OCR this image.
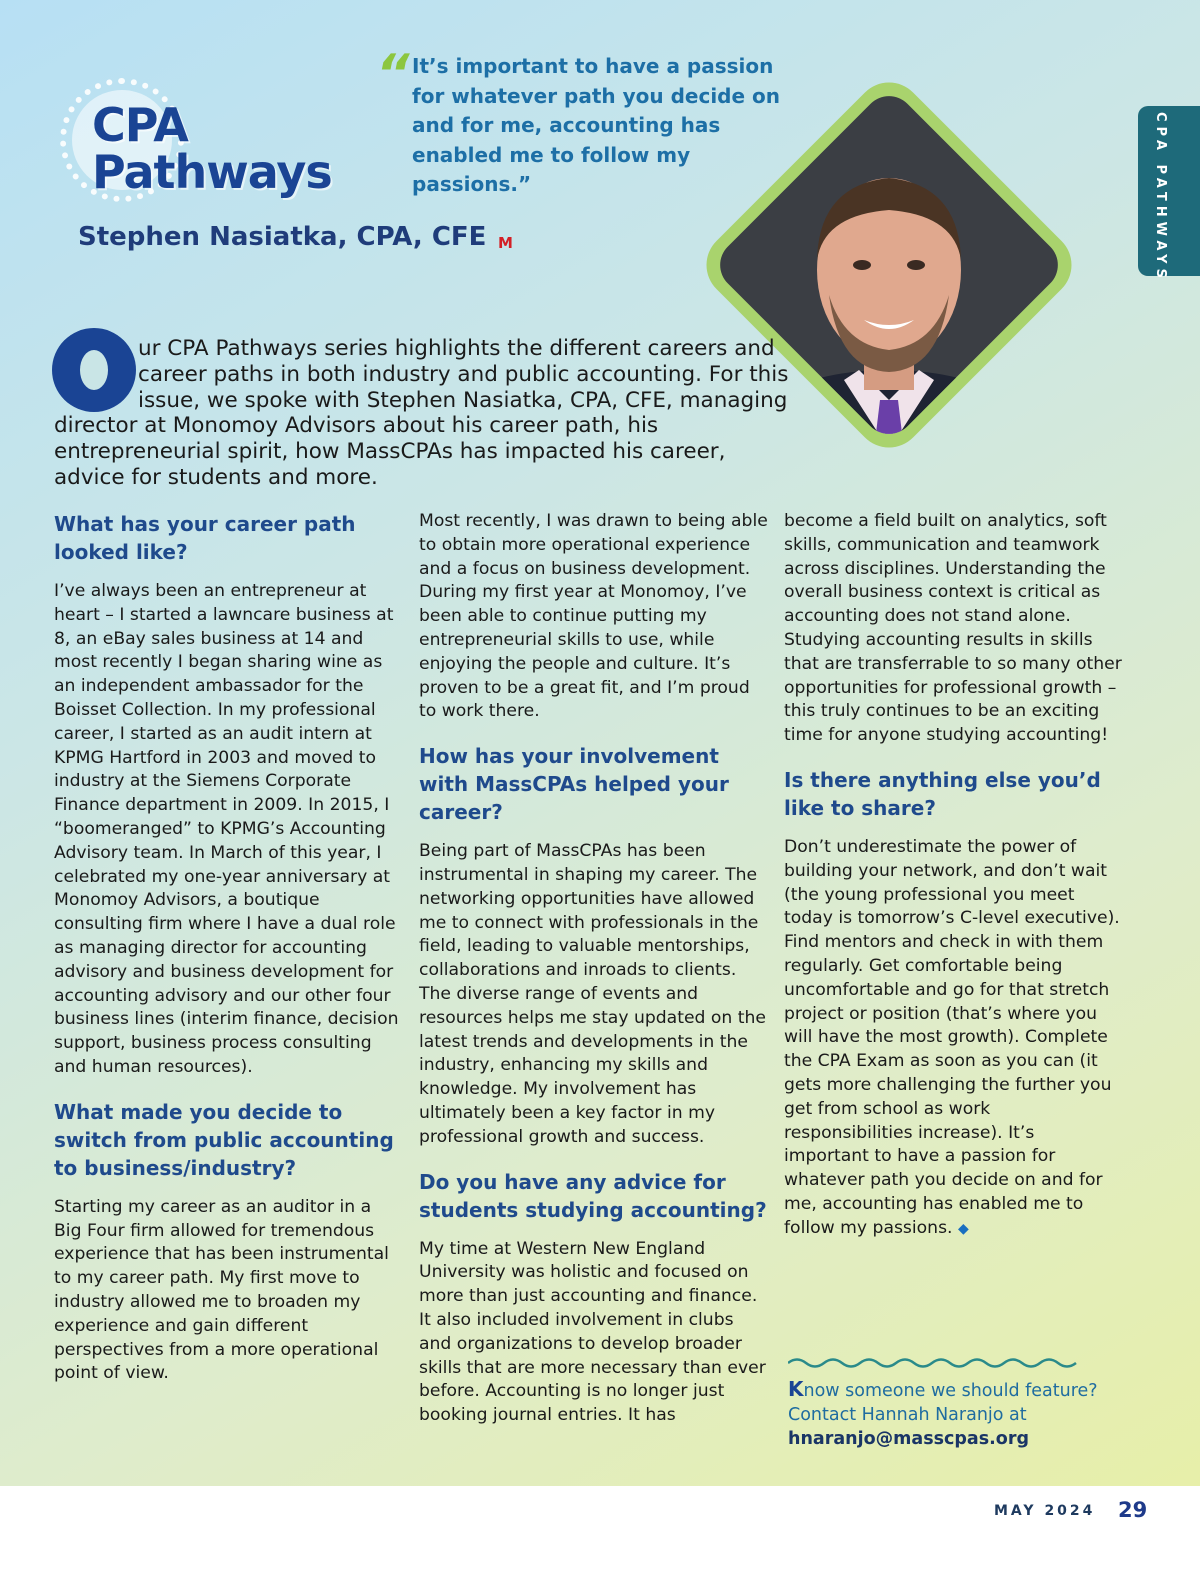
CPA
Pathways
Stephen Nasiatka, CPA, CFE M
“ It’s important to have a passion for whatever path you decide on and for me, accounting has enabled me to follow my passions.”	CPA PATHWAYS
ur CPA Pathways series highlights the different careers and career paths in both industry and public accounting. For this issue, we spoke with Stephen Nasiatka, CPA, CFE, managing director at Monomoy Advisors about his career path, his entrepreneurial spirit, how MassCPAs has impacted his career, advice for students and more.
What has your career path looked like?

I’ve always been an entrepreneur at heart – I started a lawncare business at 8, an eBay sales business at 14 and most recently I began sharing wine as an independent ambassador for the Boisset Collection. In my professional career, I started as an audit intern at KPMG Hartford in 2003 and moved to industry at the Siemens Corporate Finance department in 2009. In 2015, I “boomeranged” to KPMG’s Accounting Advisory team. In March of this year, I celebrated my one-year anniversary at Monomoy Advisors, a boutique consulting firm where I have a dual role as managing director for accounting advisory and business development for accounting advisory and our other four business lines (interim finance, decision support, business process consulting and human resources).

What made you decide to switch from public accounting to business/industry?

Starting my career as an auditor in a Big Four firm allowed for tremendous experience that has been instrumental to my career path. My first move to industry allowed me to broaden my experience and gain different perspectives from a more operational point of view.

Most recently, I was drawn to being able to obtain more operational experience and a focus on business development. During my first year at Monomoy, I’ve been able to continue putting my entrepreneurial skills to use, while enjoying the people and culture. It’s proven to be a great fit, and I’m proud to work there.

How has your involvement with MassCPAs helped your career?

Being part of MassCPAs has been instrumental in shaping my career. The networking opportunities have allowed me to connect with professionals in the field, leading to valuable mentorships, collaborations and inroads to clients. The diverse range of events and resources helps me stay updated on the latest trends and developments in the industry, enhancing my skills and knowledge. My involvement has ultimately been a key factor in my professional growth and success.

Do you have any advice for students studying accounting?

My time at Western New England University was holistic and focused on more than just accounting and finance. It also included involvement in clubs and organizations to develop broader skills that are more necessary than ever before. Accounting is no longer just booking journal entries. It has

become a field built on analytics, soft skills, communication and teamwork across disciplines. Understanding the overall business context is critical as accounting does not stand alone. Studying accounting results in skills that are transferrable to so many other opportunities for professional growth – this truly continues to be an exciting time for anyone studying accounting!

Is there anything else you’d like to share?

Don’t underestimate the power of building your network, and don’t wait (the young professional you meet today is tomorrow’s C-level executive). Find mentors and check in with them regularly. Get comfortable being uncomfortable and go for that stretch project or position (that’s where you will have the most growth). Complete the CPA Exam as soon as you can (it gets more challenging the further you get from school as work responsibilities increase). It’s important to have a passion for whatever path you decide on and for me, accounting has enabled me to follow my passions. ◆

Know someone we should feature? Contact Hannah Naranjo at
hnaranjo@masscpas.org
MAY 2024 29
